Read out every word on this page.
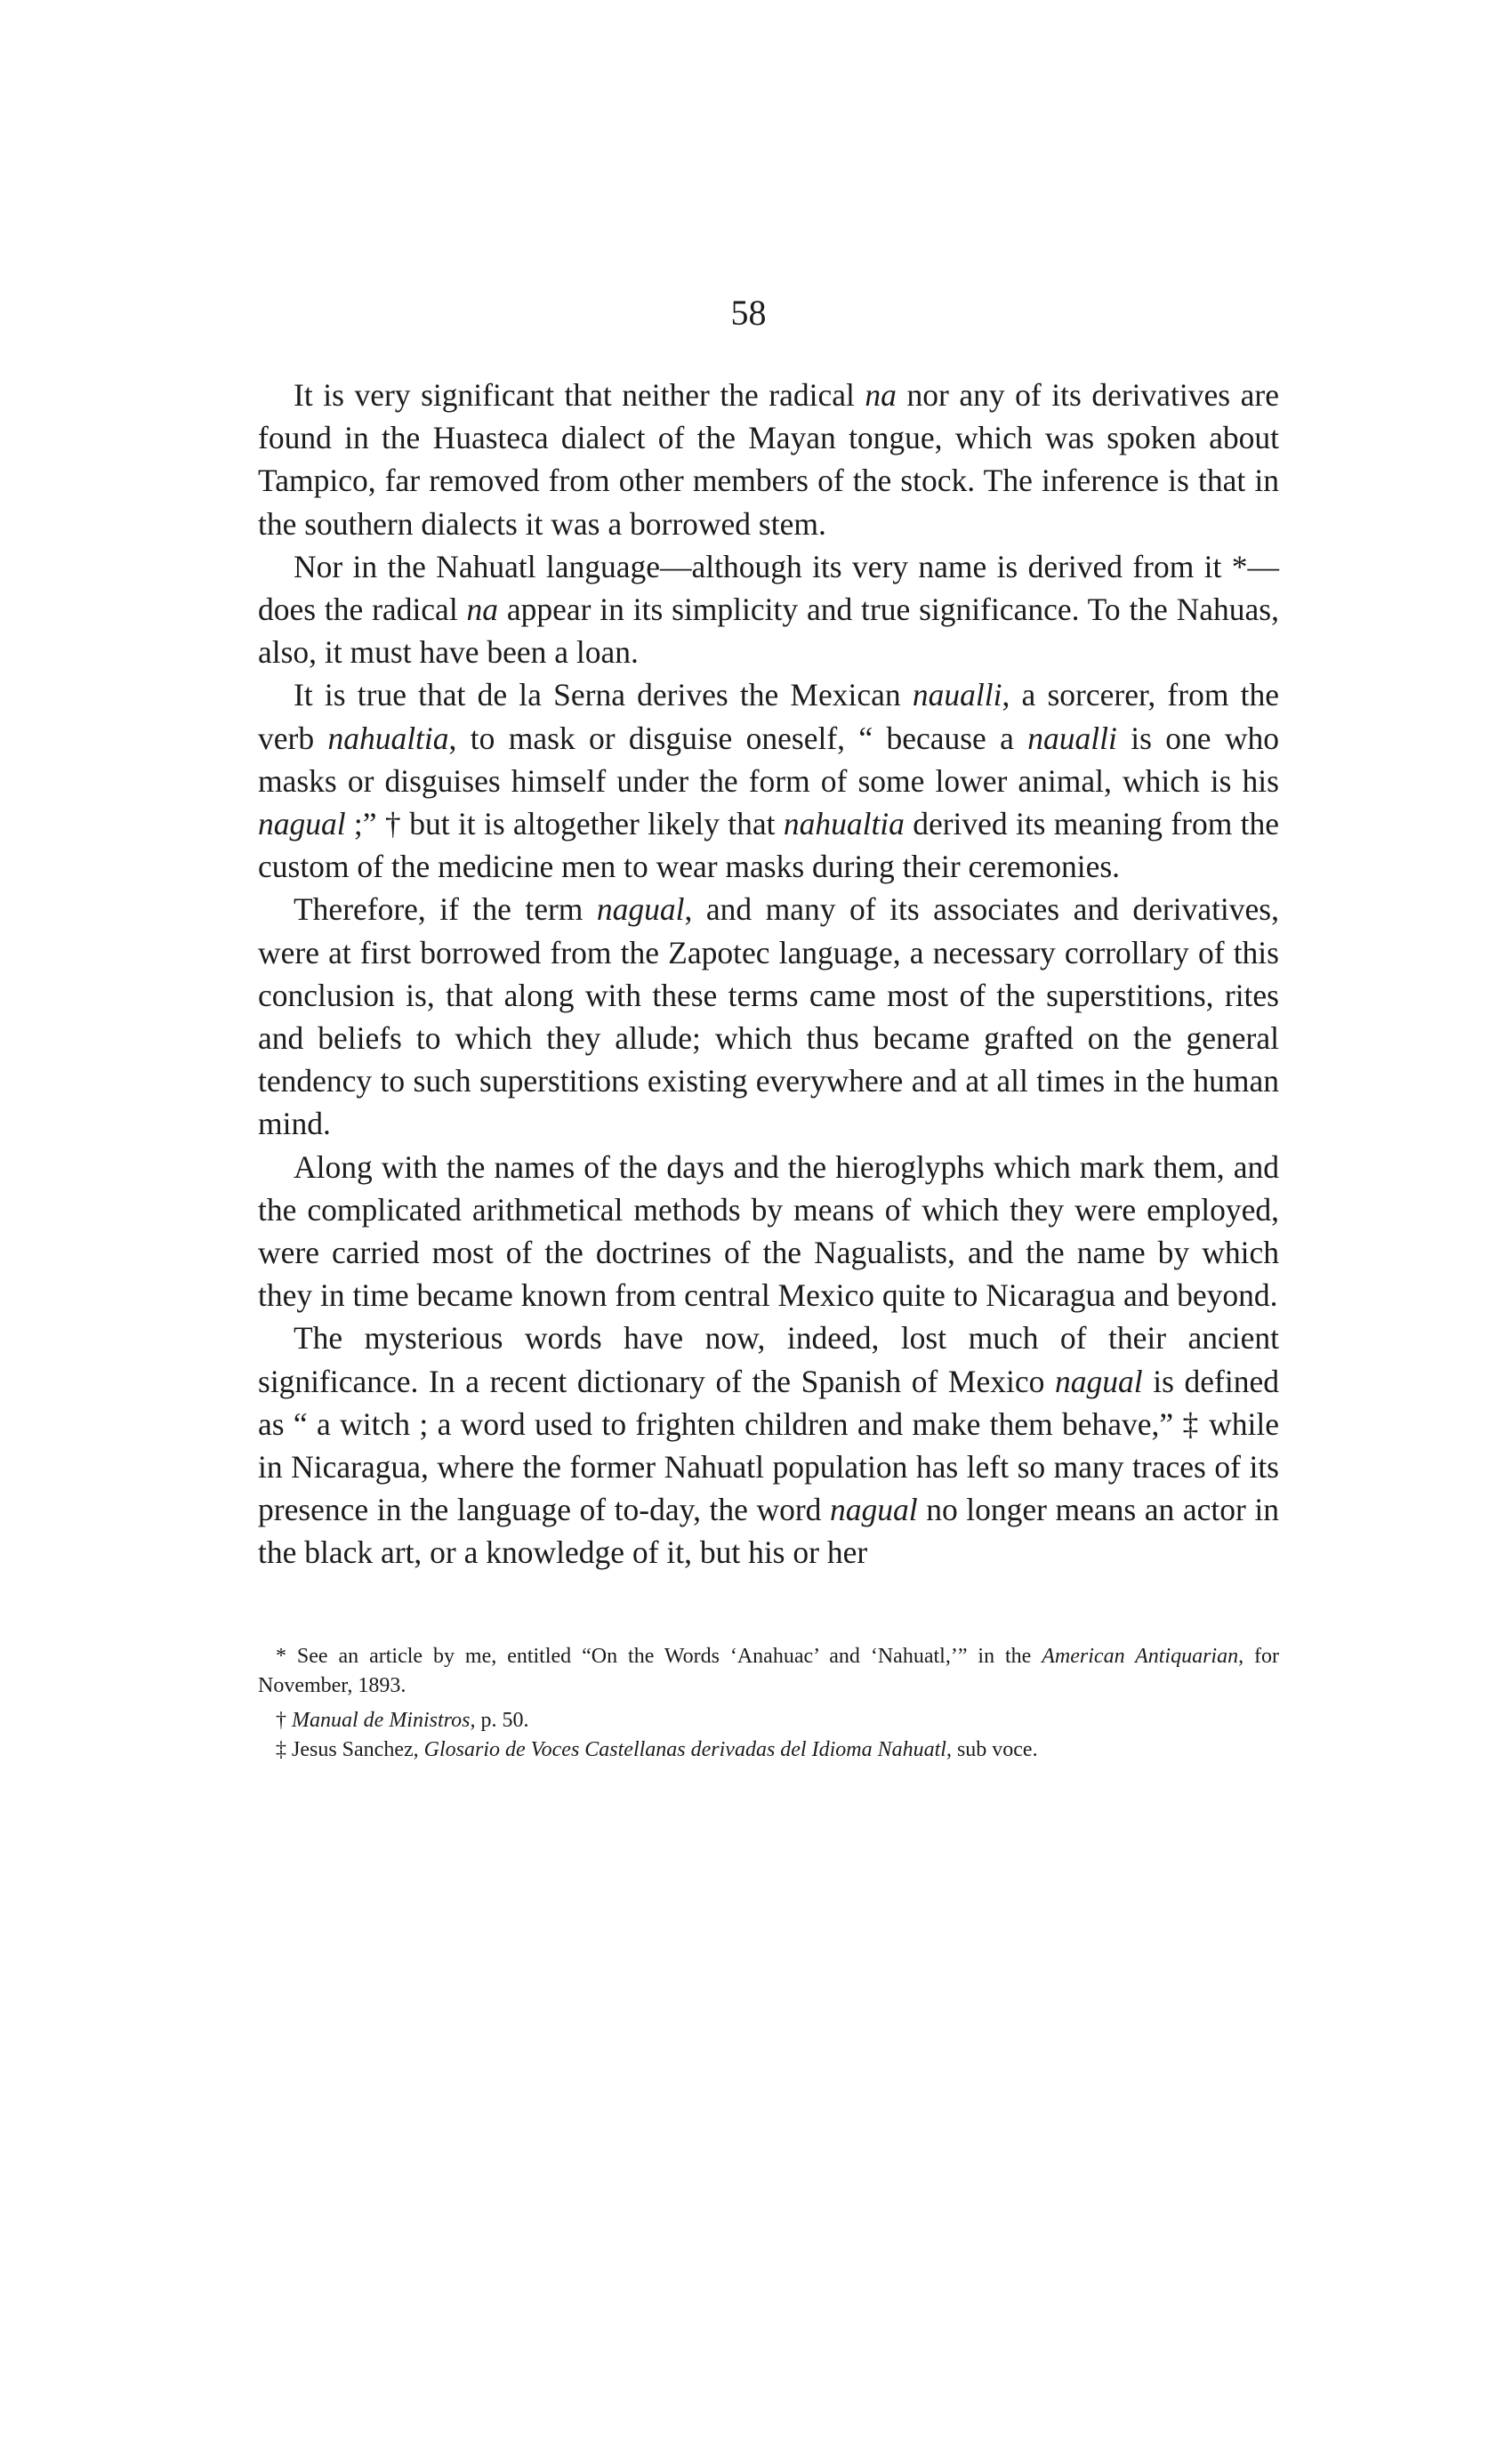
58

It is very significant that neither the radical na nor any of its derivatives are found in the Huasteca dialect of the Mayan tongue, which was spoken about Tampico, far removed from other members of the stock. The inference is that in the southern dialects it was a borrowed stem.

Nor in the Nahuatl language—although its very name is derived from it *—does the radical na appear in its simplicity and true significance. To the Nahuas, also, it must have been a loan.

It is true that de la Serna derives the Mexican naualli, a sorcerer, from the verb nahualtia, to mask or disguise oneself, “ because a naualli is one who masks or disguises himself under the form of some lower animal, which is his nagual ;” † but it is altogether likely that nahualtia derived its meaning from the custom of the medicine men to wear masks during their ceremonies.

Therefore, if the term nagual, and many of its associates and derivatives, were at first borrowed from the Zapotec language, a necessary corrollary of this conclusion is, that along with these terms came most of the superstitions, rites and beliefs to which they allude; which thus became grafted on the general tendency to such superstitions existing everywhere and at all times in the human mind.

Along with the names of the days and the hieroglyphs which mark them, and the complicated arithmetical methods by means of which they were employed, were carried most of the doctrines of the Nagualists, and the name by which they in time became known from central Mexico quite to Nicaragua and beyond.

The mysterious words have now, indeed, lost much of their ancient significance. In a recent dictionary of the Spanish of Mexico nagual is defined as “ a witch ; a word used to frighten children and make them behave,” ‡ while in Nicaragua, where the former Nahuatl population has left so many traces of its presence in the language of to-day, the word nagual no longer means an actor in the black art, or a knowledge of it, but his or her

* See an article by me, entitled “On the Words ‘Anahuac’ and ‘Nahuatl,’” in the American Antiquarian, for November, 1893.

† Manual de Ministros, p. 50.

‡ Jesus Sanchez, Glosario de Voces Castellanas derivadas del Idioma Nahuatl, sub voce.
